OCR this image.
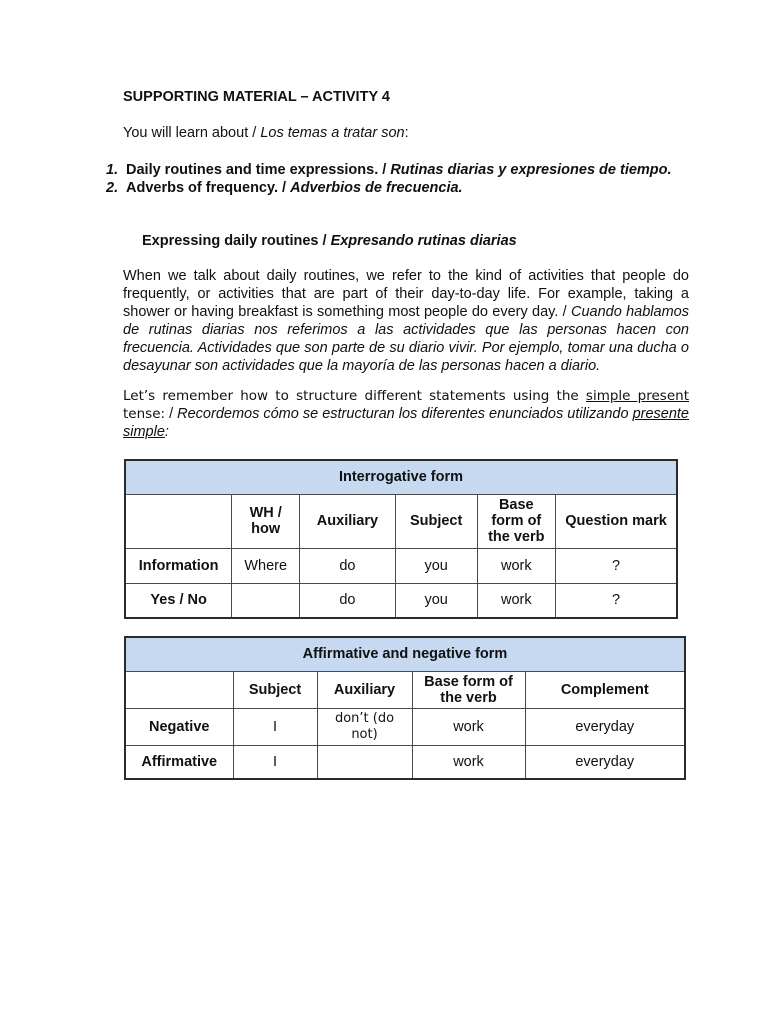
SUPPORTING MATERIAL – ACTIVITY 4
You will learn about / Los temas a tratar son:
1. Daily routines and time expressions. / Rutinas diarias y expresiones de tiempo.
2. Adverbs of frequency. / Adverbios de frecuencia.
Expressing daily routines / Expresando rutinas diarias

When we talk about daily routines, we refer to the kind of activities that people do frequently, or activities that are part of their day-to-day life. For example, taking a shower or having breakfast is something most people do every day. / Cuando hablamos de rutinas diarias nos referimos a las actividades que las personas hacen con frecuencia. Actividades que son parte de su diario vivir. Por ejemplo, tomar una ducha o desayunar son actividades que la mayoría de las personas hacen a diario.

Let’s remember how to structure different statements using the simple present tense: / Recordemos cómo se estructuran los diferentes enunciados utilizando presente simple:

Interrogative form					
	WH / how	Auxiliary	Subject	Base form of the verb	Question mark
Information	Where	do	you	work	?
Yes / No		do	you	work	?
Affirmative and negative form				
	Subject	Auxiliary	Base form of the verb	Complement
Negative	I	don’t (do not)	work	everyday
Affirmative	I		work	everyday
